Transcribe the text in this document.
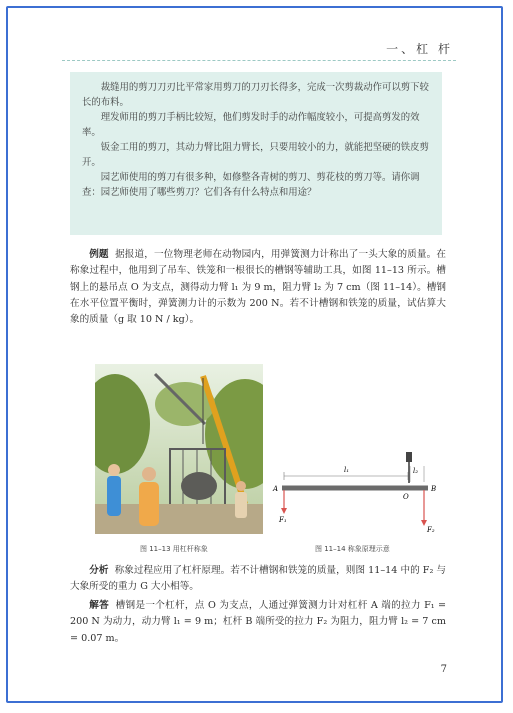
一、杠 杆

裁缝用的剪刀刀刃比平常家用剪刀的刀刃长得多，完成一次剪裁动作可以剪下较长的布料。

理发师用的剪刀手柄比较短，他们剪发时手的动作幅度较小，可提高剪发的效率。

钣金工用的剪刀，其动力臂比阻力臂长，只要用较小的力，就能把坚硬的铁皮剪开。

园艺师使用的剪刀有很多种，如修整各青树的剪刀、剪花枝的剪刀等。请你调查：园艺师使用了哪些剪刀？它们各有什么特点和用途？

例题 据报道，一位物理老师在动物园内，用弹簧测力计称出了一头大象的质量。在称象过程中，他用到了吊车、铁笼和一根很长的槽钢等辅助工具，如图 11–13 所示。槽钢上的悬吊点 O 为支点，测得动力臂 l₁ 为 9 m，阻力臂 l₂ 为 7 cm（图 11–14）。槽钢在水平位置平衡时，弹簧测力计的示数为 200 N。若不计槽钢和铁笼的质量，试估算大象的质量（g 取 10 N / kg）。

l₁	l₂
A	B
O
F₁
F₂
图 11–13 用杠杆称象	图 11–14 称象原理示意

分析 称象过程应用了杠杆原理。若不计槽钢和铁笼的质量，则图 11–14 中的 F₂ 与大象所受的重力 G 大小相等。

解答 槽钢是一个杠杆，点 O 为支点，人通过弹簧测力计对杠杆 A 端的拉力 F₁ = 200 N 为动力，动力臂 l₁ = 9 m；杠杆 B 端所受的拉力 F₂ 为阻力，阻力臂 l₂ = 7 cm = 0.07 m。

7
